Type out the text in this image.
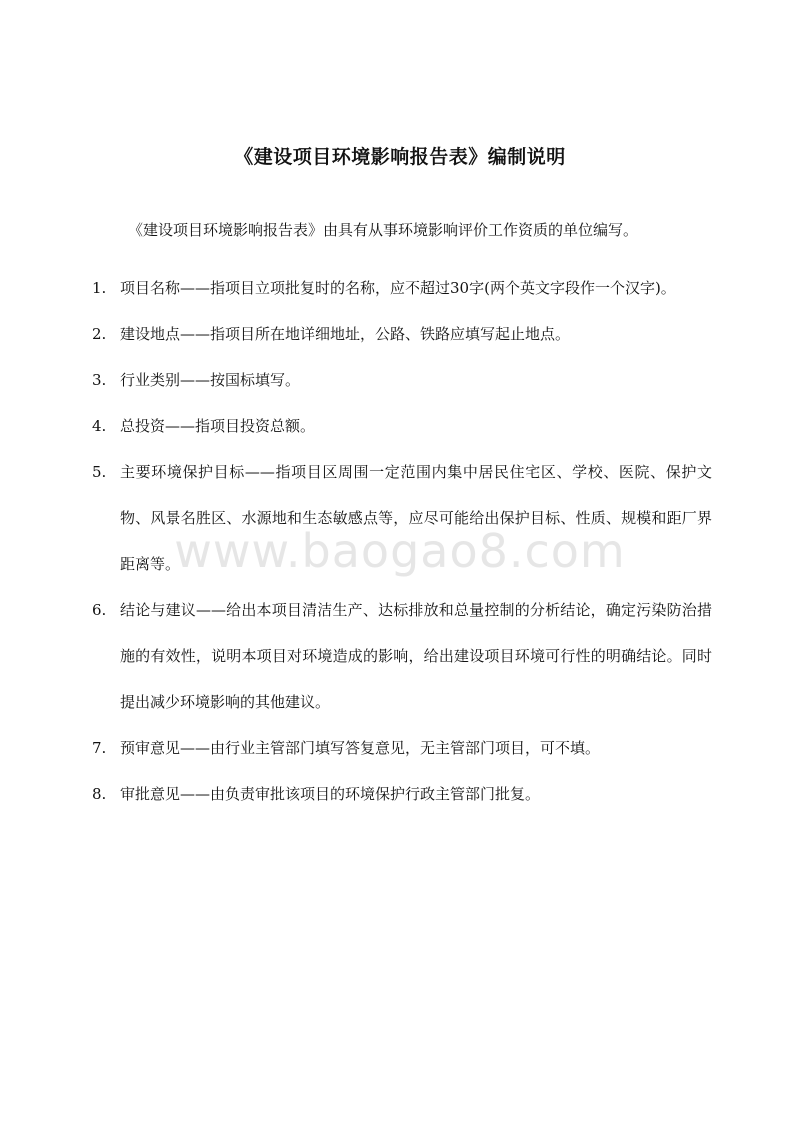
《建设项目环境影响报告表》编制说明
《建设项目环境影响报告表》由具有从事环境影响评价工作资质的单位编写。
1. 项目名称——指项目立项批复时的名称，应不超过30字(两个英文字段作一个汉字)。
2. 建设地点——指项目所在地详细地址，公路、铁路应填写起止地点。
3. 行业类别——按国标填写。
4. 总投资——指项目投资总额。
5. 主要环境保护目标——指项目区周围一定范围内集中居民住宅区、学校、医院、保护文物、风景名胜区、水源地和生态敏感点等，应尽可能给出保护目标、性质、规模和距厂界距离等。
6. 结论与建议——给出本项目清洁生产、达标排放和总量控制的分析结论，确定污染防治措施的有效性，说明本项目对环境造成的影响，给出建设项目环境可行性的明确结论。同时提出减少环境影响的其他建议。
7. 预审意见——由行业主管部门填写答复意见，无主管部门项目，可不填。
8. 审批意见——由负责审批该项目的环境保护行政主管部门批复。
www.baogao8.com
